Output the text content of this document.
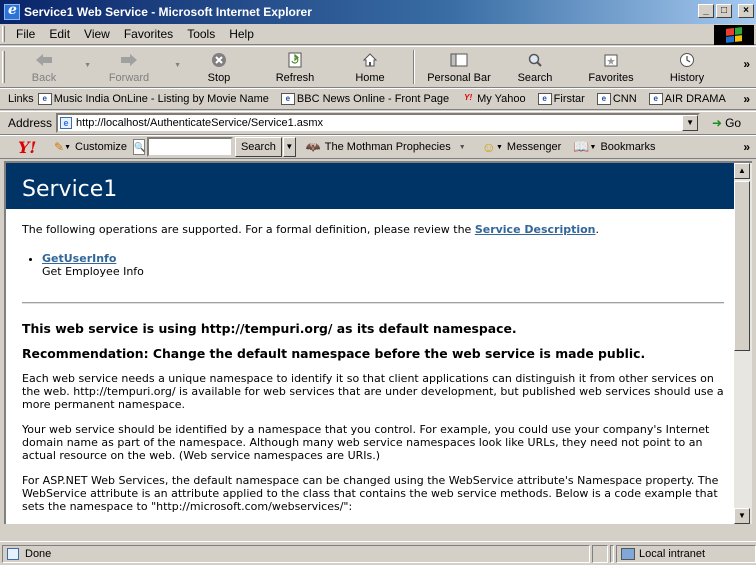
e
Service1 Web Service - Microsoft Internet Explorer	_	□	×
File	Edit	View	Favorites	Tools	Help
Back
▼
Forward
▼
Stop	Refresh	Home	Personal Bar Search	Favorites	History
»
Links	e Music India OnLine - Listing by Movie Name	e BBC News Online - Front Page	Y! My Yahoo	e Firstar	e CNN	e AIR DRAMA »
Address	e http://localhost/AuthenticateService/Service1.asmx	▼	➜ Go
Y!	✎ ▼ Customize 🔍	Search	▼ 🦇 The Mothman Prophecies ▼ ☺ ▼ Messenger 📖 ▼ Bookmarks	»
Service1

The following operations are supported. For a formal definition, please review the Service Description.

• GetUserInfo
Get Employee Info

This web service is using http://tempuri.org/ as its default namespace.

Recommendation: Change the default namespace before the web service is made public.

Each web service needs a unique namespace to identify it so that client applications can distinguish it from other services on the web. http://tempuri.org/ is available for web services that are under development, but published web services should use a more permanent namespace.

Your web service should be identified by a namespace that you control. For example, you could use your company's Internet domain name as part of the namespace. Although many web service namespaces look like URLs, they need not point to an actual resource on the web. (Web service namespaces are URIs.)

For ASP.NET Web Services, the default namespace can be changed using the WebService attribute's Namespace property. The WebService attribute is an attribute applied to the class that contains the web service methods. Below is a code example that sets the namespace to "http://microsoft.com/webservices/":

▲
▼
Done	Local intranet
